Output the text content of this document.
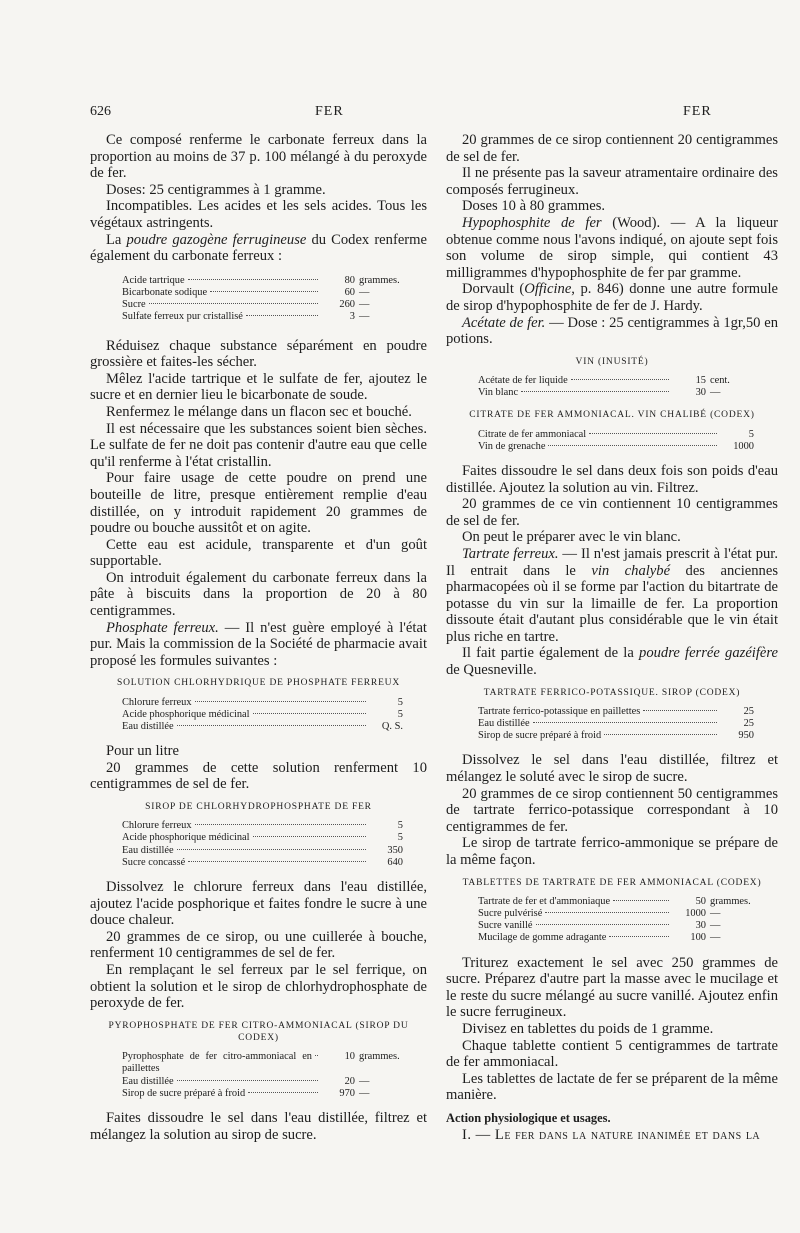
626	FER	FER

Ce composé renferme le carbonate ferreux dans la proportion au moins de 37 p. 100 mélangé à du peroxyde de fer.

Doses: 25 centigrammes à 1 gramme.

Incompatibles. Les acides et les sels acides. Tous les végétaux astringents.

La poudre gazogène ferrugineuse du Codex renferme également du carbonate ferreux :

Acide tartrique	80 grammes.
Bicarbonate sodique	60 —
Sucre	260 —
Sulfate ferreux pur cristallisé	3 —

Réduisez chaque substance séparément en poudre grossière et faites-les sécher.

Mêlez l'acide tartrique et le sulfate de fer, ajoutez le sucre et en dernier lieu le bicarbonate de soude.

Renfermez le mélange dans un flacon sec et bouché.

Il est nécessaire que les substances soient bien sèches. Le sulfate de fer ne doit pas contenir d'autre eau que celle qu'il renferme à l'état cristallin.

Pour faire usage de cette poudre on prend une bouteille de litre, presque entièrement remplie d'eau distillée, on y introduit rapidement 20 grammes de poudre ou bouche aussitôt et on agite.

Cette eau est acidule, transparente et d'un goût supportable.

On introduit également du carbonate ferreux dans la pâte à biscuits dans la proportion de 20 à 80 centigrammes.

Phosphate ferreux. — Il n'est guère employé à l'état pur. Mais la commission de la Société de pharmacie avait proposé les formules suivantes :

SOLUTION CHLORHYDRIQUE DE PHOSPHATE FERREUX
Chlorure ferreux	5
Acide phosphorique médicinal	5
Eau distillée	Q. S.

Pour un litre

20 grammes de cette solution renferment 10 centigrammes de sel de fer.

SIROP DE CHLORHYDROPHOSPHATE DE FER
Chlorure ferreux	5
Acide phosphorique médicinal	5
Eau distillée	350
Sucre concassé	640

Dissolvez le chlorure ferreux dans l'eau distillée, ajoutez l'acide posphorique et faites fondre le sucre à une douce chaleur.

20 grammes de ce sirop, ou une cuillerée à bouche, renferment 10 centigrammes de sel de fer.

En remplaçant le sel ferreux par le sel ferrique, on obtient la solution et le sirop de chlorhydrophosphate de peroxyde de fer.

PYROPHOSPHATE DE FER CITRO-AMMONIACAL (SIROP DU CODEX)
Pyrophosphate de fer citro-ammoniacal en paillettes
10 grammes.
Eau distillée	20 —
Sirop de sucre préparé à froid	970 —

Faites dissoudre le sel dans l'eau distillée, filtrez et mélangez la solution au sirop de sucre.

20 grammes de ce sirop contiennent 20 centigrammes de sel de fer.

Il ne présente pas la saveur atramentaire ordinaire des composés ferrugineux.

Doses 10 à 80 grammes.

Hypophosphite de fer (Wood). — A la liqueur obtenue comme nous l'avons indiqué, on ajoute sept fois son volume de sirop simple, qui contient 43 milligrammes d'hypophosphite de fer par gramme.

Dorvault (Officine, p. 846) donne une autre formule de sirop d'hypophosphite de fer de J. Hardy.

Acétate de fer. — Dose : 25 centigrammes à 1gr,50 en potions.

VIN (INUSITÉ)
Acétate de fer liquide	15 cent.
Vin blanc	30 —
CITRATE DE FER AMMONIACAL. VIN CHALIBÉ (CODEX)
Citrate de fer ammoniacal	5
Vin de grenache	1000

Faites dissoudre le sel dans deux fois son poids d'eau distillée. Ajoutez la solution au vin. Filtrez.

20 grammes de ce vin contiennent 10 centigrammes de sel de fer.

On peut le préparer avec le vin blanc.

Tartrate ferreux. — Il n'est jamais prescrit à l'état pur. Il entrait dans le vin chalybé des anciennes pharmacopées où il se forme par l'action du bitartrate de potasse du vin sur la limaille de fer. La proportion dissoute était d'autant plus considérable que le vin était plus riche en tartre.

Il fait partie également de la poudre ferrée gazéifère de Quesneville.

TARTRATE FERRICO-POTASSIQUE. SIROP (CODEX)
Tartrate ferrico-potassique en paillettes	25
Eau distillée	25
Sirop de sucre préparé à froid	950

Dissolvez le sel dans l'eau distillée, filtrez et mélangez le soluté avec le sirop de sucre.

20 grammes de ce sirop contiennent 50 centigrammes de tartrate ferrico-potassique correspondant à 10 centigrammes de fer.

Le sirop de tartrate ferrico-ammonique se prépare de la même façon.

TABLETTES DE TARTRATE DE FER AMMONIACAL (CODEX)
Tartrate de fer et d'ammoniaque	50 grammes.
Sucre pulvérisé	1000 —
Sucre vanillé	30 —
Mucilage de gomme adragante	100 —

Triturez exactement le sel avec 250 grammes de sucre. Préparez d'autre part la masse avec le mucilage et le reste du sucre mélangé au sucre vanillé. Ajoutez enfin le sucre ferrugineux.

Divisez en tablettes du poids de 1 gramme.

Chaque tablette contient 5 centigrammes de tartrate de fer ammoniacal.

Les tablettes de lactate de fer se préparent de la même manière.

Action physiologique et usages.

I. — Le fer dans la nature inanimée et dans la
